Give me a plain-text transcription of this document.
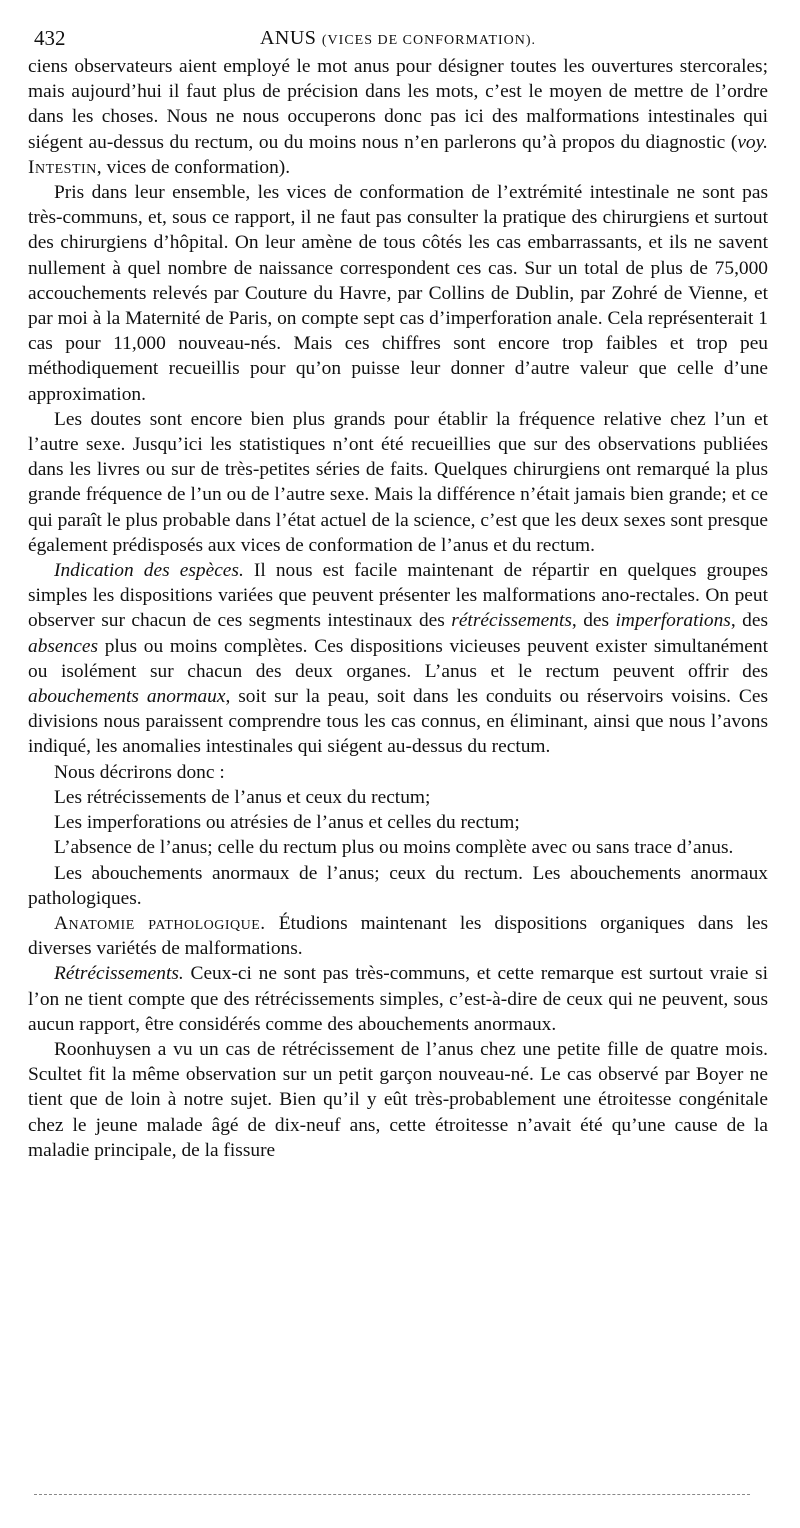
432	ANUS (VICES DE CONFORMATION).

ciens observateurs aient employé le mot anus pour désigner toutes les ouvertures stercorales; mais aujourd’hui il faut plus de précision dans les mots, c’est le moyen de mettre de l’ordre dans les choses. Nous ne nous occuperons donc pas ici des malformations intestinales qui siégent au-dessus du rectum, ou du moins nous n’en parlerons qu’à propos du diagnostic (voy. Intestin, vices de conformation).

Pris dans leur ensemble, les vices de conformation de l’extrémité intestinale ne sont pas très-communs, et, sous ce rapport, il ne faut pas consulter la pratique des chirurgiens et surtout des chirurgiens d’hôpital. On leur amène de tous côtés les cas embarrassants, et ils ne savent nullement à quel nombre de naissance correspondent ces cas. Sur un total de plus de 75,000 accouchements relevés par Couture du Havre, par Collins de Dublin, par Zohré de Vienne, et par moi à la Maternité de Paris, on compte sept cas d’imperforation anale. Cela représenterait 1 cas pour 11,000 nouveau-nés. Mais ces chiffres sont encore trop faibles et trop peu méthodiquement recueillis pour qu’on puisse leur donner d’autre valeur que celle d’une approximation.

Les doutes sont encore bien plus grands pour établir la fréquence relative chez l’un et l’autre sexe. Jusqu’ici les statistiques n’ont été recueillies que sur des observations publiées dans les livres ou sur de très-petites séries de faits. Quelques chirurgiens ont remarqué la plus grande fréquence de l’un ou de l’autre sexe. Mais la différence n’était jamais bien grande; et ce qui paraît le plus probable dans l’état actuel de la science, c’est que les deux sexes sont presque également prédisposés aux vices de conformation de l’anus et du rectum.

Indication des espèces. Il nous est facile maintenant de répartir en quelques groupes simples les dispositions variées que peuvent présenter les malformations ano-rectales. On peut observer sur chacun de ces segments intestinaux des rétrécissements, des imperforations, des absences plus ou moins complètes. Ces dispositions vicieuses peuvent exister simultanément ou isolément sur chacun des deux organes. L’anus et le rectum peuvent offrir des abouchements anormaux, soit sur la peau, soit dans les conduits ou réservoirs voisins. Ces divisions nous paraissent comprendre tous les cas connus, en éliminant, ainsi que nous l’avons indiqué, les anomalies intestinales qui siégent au-dessus du rectum.

Nous décrirons donc :

Les rétrécissements de l’anus et ceux du rectum;

Les imperforations ou atrésies de l’anus et celles du rectum;

L’absence de l’anus; celle du rectum plus ou moins complète avec ou sans trace d’anus.

Les abouchements anormaux de l’anus; ceux du rectum. Les abouchements anormaux pathologiques.

Anatomie pathologique. Étudions maintenant les dispositions organiques dans les diverses variétés de malformations.

Rétrécissements. Ceux-ci ne sont pas très-communs, et cette remarque est surtout vraie si l’on ne tient compte que des rétrécissements simples, c’est-à-dire de ceux qui ne peuvent, sous aucun rapport, être considérés comme des abouchements anormaux.

Roonhuysen a vu un cas de rétrécissement de l’anus chez une petite fille de quatre mois. Scultet fit la même observation sur un petit garçon nouveau-né. Le cas observé par Boyer ne tient que de loin à notre sujet. Bien qu’il y eût très-probablement une étroitesse congénitale chez le jeune malade âgé de dix-neuf ans, cette étroitesse n’avait été qu’une cause de la maladie principale, de la fissure
